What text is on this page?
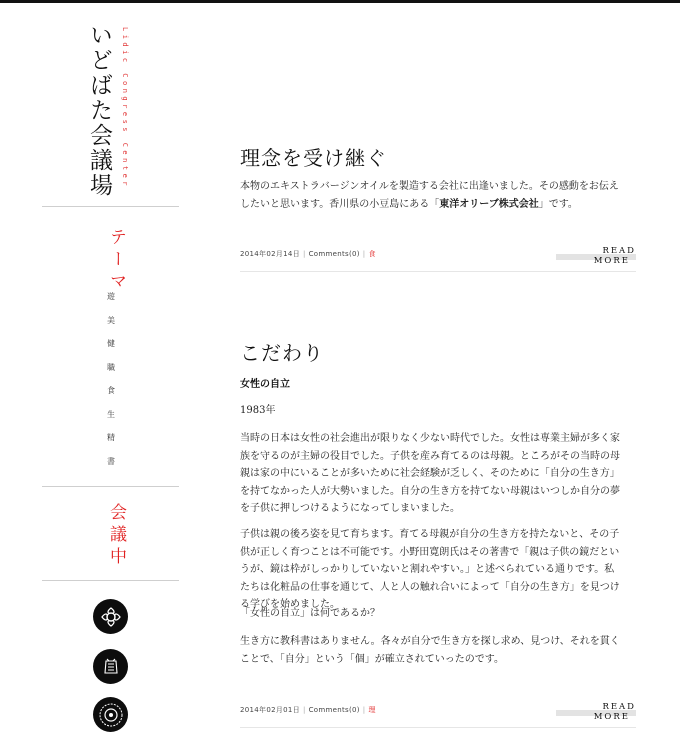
いどばた会議場 Lidic Congress Center
テーマ
遊
美
健
職
食
生
精
書
会議中
理念を受け継ぐ

本物のエキストラバージンオイルを製造する会社に出逢いました。その感動をお伝えしたいと思います。香川県の小豆島にある「東洋オリーブ株式会社」です。

2014年02月14日 | Comments(0) | 食	READ MORE
こだわり
女性の自立

1983年

当時の日本は女性の社会進出が限りなく少ない時代でした。女性は専業主婦が多く家族を守るのが主婦の役目でした。子供を産み育てるのは母親。ところがその当時の母親は家の中にいることが多いために社会経験が乏しく、そのために「自分の生き方」を持てなかった人が大勢いました。自分の生き方を持てない母親はいつしか自分の夢を子供に押しつけるようになってしまいました。

子供は親の後ろ姿を見て育ちます。育てる母親が自分の生き方を持たないと、その子供が正しく育つことは不可能です。小野田寛朗氏はその著書で「親は子供の鏡だというが、鏡は枠がしっかりしていないと割れやすい。」と述べられている通りです。私たちは化粧品の仕事を通じて、人と人の触れ合いによって「自分の生き方」を見つける学びを始めました。

「女性の自立」は何であるか？

生き方に教科書はありません。各々が自分で生き方を探し求め、見つけ、それを貫くことで、「自分」という「個」が確立されていったのです。

2014年02月01日 | Comments(0) | 理	READ MORE
